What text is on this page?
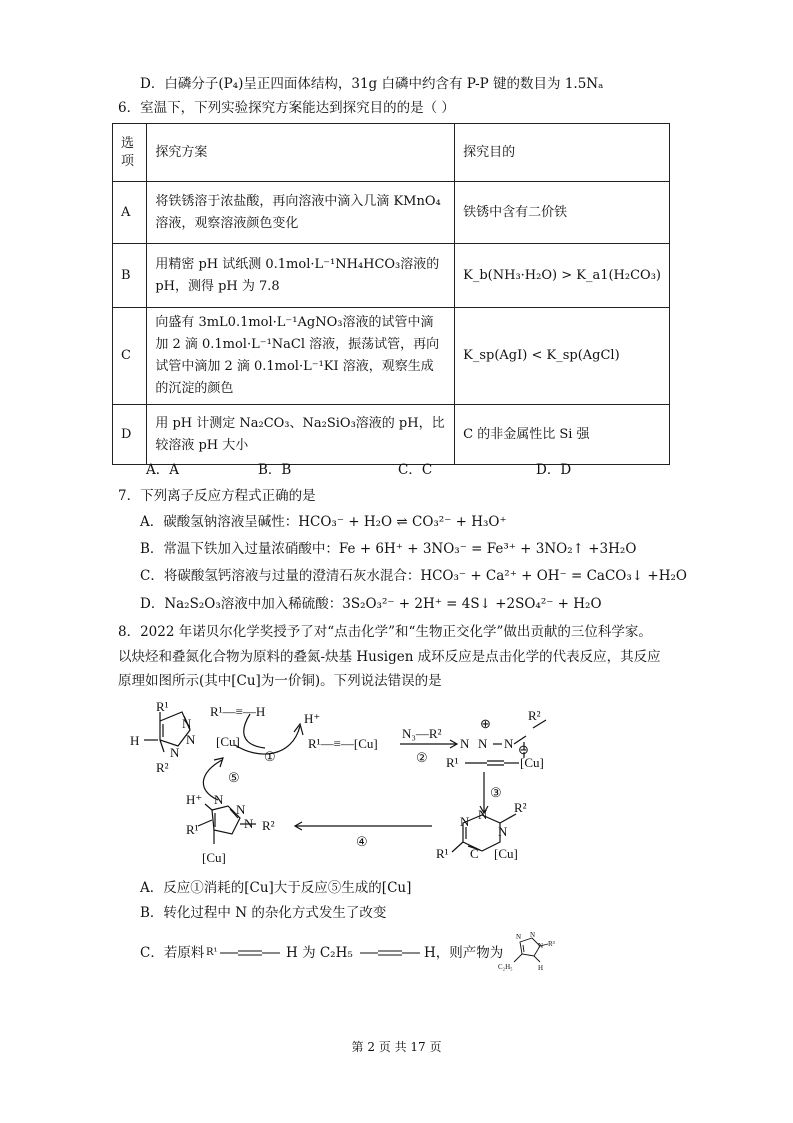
D．白磷分子(P₄)呈正四面体结构，31g 白磷中约含有 P-P 键的数目为 1.5Nₐ
6．室温下，下列实验探究方案能达到探究目的的是（ ）
选项	探究方案	探究目的
A	将铁锈溶于浓盐酸，再向溶液中滴入几滴 KMnO₄ 溶液，观察溶液颜色变化	铁锈中含有二价铁
B	用精密 pH 试纸测 0.1mol·L⁻¹NH₄HCO₃溶液的 pH，测得 pH 为 7.8	K_b(NH₃·H₂O) > K_a1(H₂CO₃)
C	向盛有 3mL0.1mol·L⁻¹AgNO₃溶液的试管中滴加 2 滴 0.1mol·L⁻¹NaCl 溶液，振荡试管，再向试管中滴加 2 滴 0.1mol·L⁻¹KI 溶液，观察生成的沉淀的颜色	K_sp(AgI) < K_sp(AgCl)
D	用 pH 计测定 Na₂CO₃、Na₂SiO₃溶液的 pH，比较溶液 pH 大小	C 的非金属性比 Si 强
A．A	B．B	C．C	D．D
7．下列离子反应方程式正确的是
A．碳酸氢钠溶液呈碱性：HCO₃⁻ + H₂O ⇌ CO₃²⁻ + H₃O⁺
B．常温下铁加入过量浓硝酸中：Fe + 6H⁺ + 3NO₃⁻ = Fe³⁺ + 3NO₂↑ +3H₂O
C．将碳酸氢钙溶液与过量的澄清石灰水混合：HCO₃⁻ + Ca²⁺ + OH⁻ = CaCO₃↓ +H₂O
D．Na₂S₂O₃溶液中加入稀硫酸：3S₂O₃²⁻ + 2H⁺ = 4S↓ +2SO₄²⁻ + H₂O
8．2022 年诺贝尔化学奖授予了对“点击化学”和“生物正交化学”做出贡献的三位科学家。
以炔烃和叠氮化合物为原料的叠氮-炔基 Husigen 成环反应是点击化学的代表反应，其反应
原理如图所示(其中[Cu]为一价铜)。下列说法错误的是
R¹
H
N
N
N
R²
[Cu]
R¹—≡—H	H⁺
①
R¹—≡—[Cu]
N₃—R²
②
N N
⊕
N
R²
⊖
R¹	[Cu]
③
R²
N N
N
R¹ C [Cu]
④
H⁺ N
N
N R²
R¹
[Cu]
⑤
A．反应①消耗的[Cu]大于反应⑤生成的[Cu]
B．转化过程中 N 的杂化方式发生了改变
C．若原料 R¹	H 为 C₂H₅	H，则产物为
N N
N R³
C₂H₅	H
第 2 页 共 17 页
